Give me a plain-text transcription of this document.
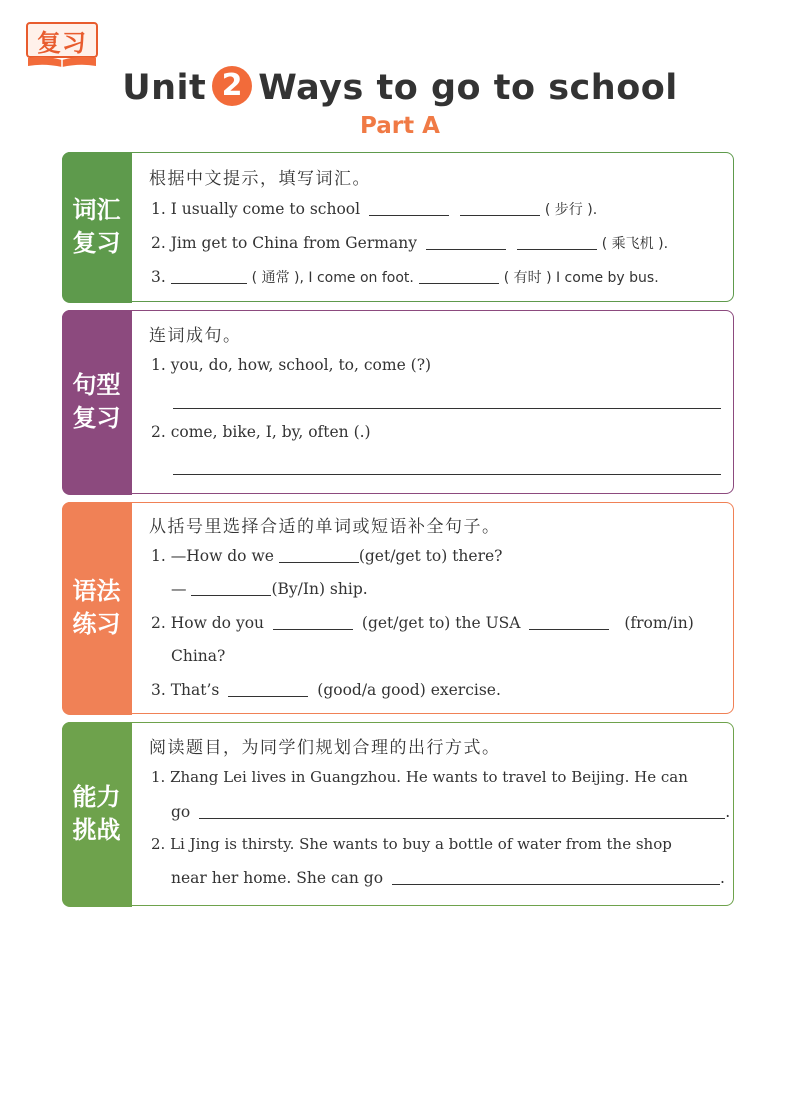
复习
Unit 2 Ways to go to school
Part A
词汇
复习
根据中文提示，填写词汇。
1. I usually come to school	( 步行 ).
2. Jim get to China from Germany	( 乘飞机 ).
3.	( 通常 ), I come on foot.	( 有时 ) I come by bus.
句型
复习
连词成句。
1. you, do, how, school, to, come (?)
2. come, bike, I, by, often (.)
语法
练习
从括号里选择合适的单词或短语补全句子。
1. —How do we	(get/get to) there?
—	(By/In) ship.
2. How do you	(get/get to) the USA	(from/in)
China?
3. That’s	(good/a good) exercise.
能力
挑战
阅读题目，为同学们规划合理的出行方式。
1. Zhang Lei lives in Guangzhou. He wants to travel to Beijing. He can
go	.
2. Li Jing is thirsty. She wants to buy a bottle of water from the shop
near her home. She can go	.
